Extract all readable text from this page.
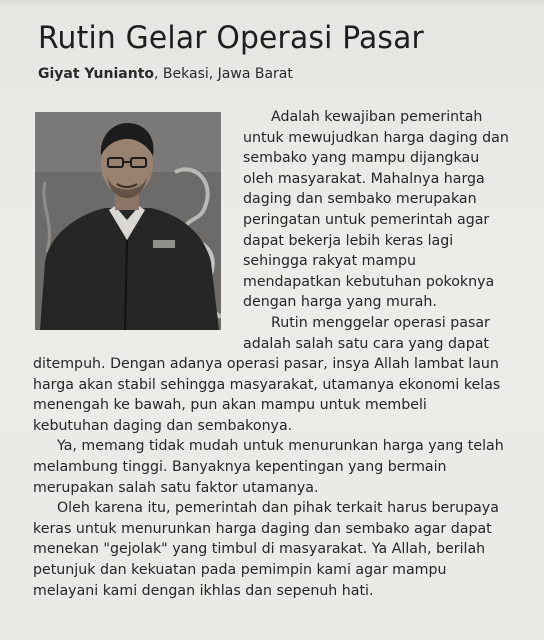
Rutin Gelar Operasi Pasar
Giyat Yunianto, Bekasi, Jawa Barat
Adalah kewajiban pemerintah
untuk mewujudkan harga daging dan
sembako yang mampu dijangkau
oleh masyarakat. Mahalnya harga
daging dan sembako merupakan
peringatan untuk pemerintah agar
dapat bekerja lebih keras lagi
sehingga rakyat mampu
mendapatkan kebutuhan pokoknya
dengan harga yang murah.
Rutin menggelar operasi pasar
adalah salah satu cara yang dapat
ditempuh. Dengan adanya operasi pasar, insya Allah lambat laun
harga akan stabil sehingga masyarakat, utamanya ekonomi kelas
menengah ke bawah, pun akan mampu untuk membeli
kebutuhan daging dan sembakonya.
Ya, memang tidak mudah untuk menurunkan harga yang telah
melambung tinggi. Banyaknya kepentingan yang bermain
merupakan salah satu faktor utamanya.
Oleh karena itu, pemerintah dan pihak terkait harus berupaya
keras untuk menurunkan harga daging dan sembako agar dapat
menekan "gejolak" yang timbul di masyarakat. Ya Allah, berilah
petunjuk dan kekuatan pada pemimpin kami agar mampu
melayani kami dengan ikhlas dan sepenuh hati.
